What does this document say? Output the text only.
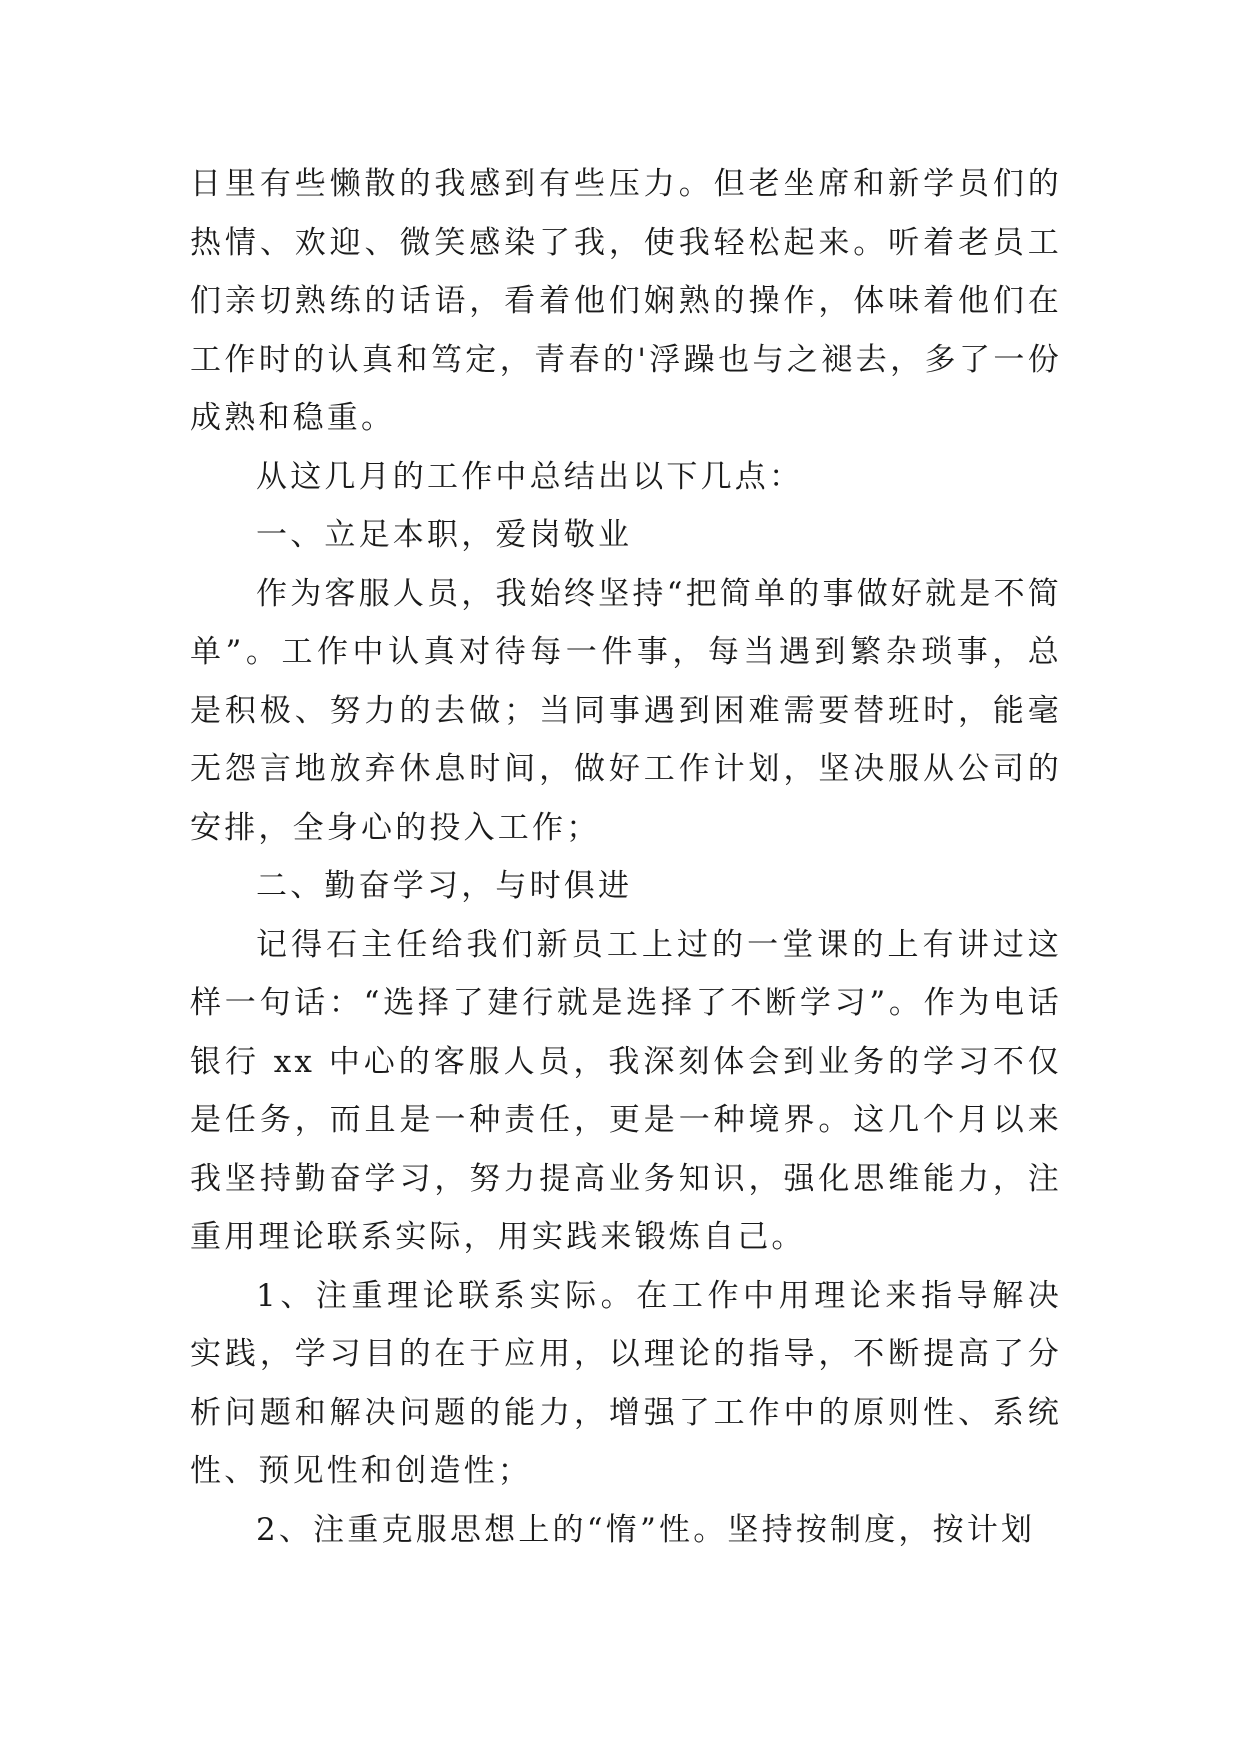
日里有些懒散的我感到有些压力。但老坐席和新学员们的热情、欢迎、微笑感染了我，使我轻松起来。听着老员工们亲切熟练的话语，看着他们娴熟的操作，体味着他们在工作时的认真和笃定，青春的'浮躁也与之褪去，多了一份成熟和稳重。

从这几月的工作中总结出以下几点：

一、立足本职，爱岗敬业

作为客服人员，我始终坚持“把简单的事做好就是不简单”。工作中认真对待每一件事，每当遇到繁杂琐事，总是积极、努力的去做；当同事遇到困难需要替班时，能毫无怨言地放弃休息时间，做好工作计划，坚决服从公司的安排，全身心的投入工作；

二、勤奋学习，与时俱进

记得石主任给我们新员工上过的一堂课的上有讲过这样一句话：“选择了建行就是选择了不断学习”。作为电话银行 xx 中心的客服人员，我深刻体会到业务的学习不仅是任务，而且是一种责任，更是一种境界。这几个月以来我坚持勤奋学习，努力提高业务知识，强化思维能力，注重用理论联系实际，用实践来锻炼自己。

1、注重理论联系实际。在工作中用理论来指导解决实践，学习目的在于应用，以理论的指导，不断提高了分析问题和解决问题的能力，增强了工作中的原则性、系统性、预见性和创造性；

2、注重克服思想上的“惰”性。坚持按制度，按计划
